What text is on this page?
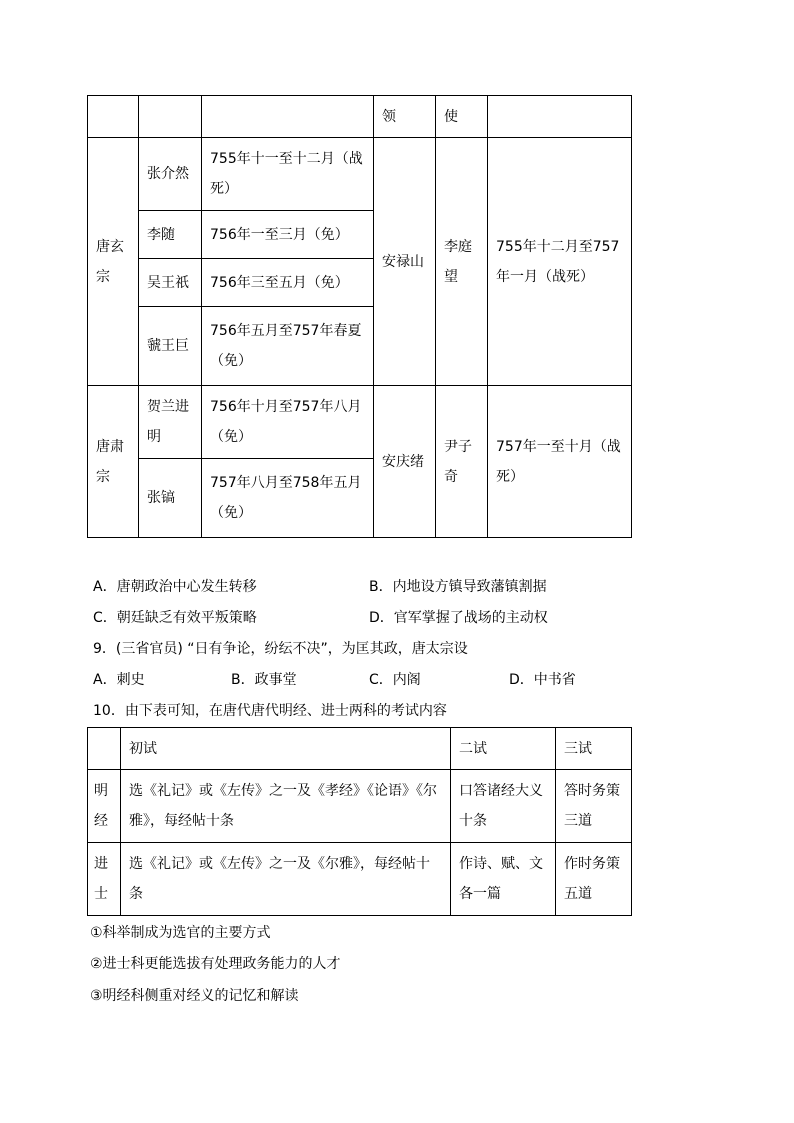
			领	使	
唐玄宗	张介然	755年十一至十二月（战死）	安禄山	李庭望	755年十二月至757年一月（战死）
	李随	756年一至三月（免）			
	吴王祇	756年三至五月（免）			
	虢王巨	756年五月至757年春夏（免）			
唐肃宗	贺兰进明	756年十月至757年八月（免）	安庆绪	尹子奇	757年一至十月（战死）
	张镐	757年八月至758年五月（免）			
A．唐朝政治中心发生转移	B．内地设方镇导致藩镇割据
C．朝廷缺乏有效平叛策略	D．官军掌握了战场的主动权
9．(三省官员) “日有争论，纷纭不决”，为匡其政，唐太宗设
A．刺史	B．政事堂	C．内阁	D．中书省
10．由下表可知，在唐代唐代明经、进士两科的考试内容
	初试	二试	三试
明经	选《礼记》或《左传》之一及《孝经》《论语》《尔雅》，每经帖十条	口答诸经大义十条	答时务策三道
进士	选《礼记》或《左传》之一及《尔雅》，每经帖十条	作诗、赋、文各一篇	作时务策五道
①科举制成为选官的主要方式
②进士科更能选拔有处理政务能力的人才
③明经科侧重对经义的记忆和解读
